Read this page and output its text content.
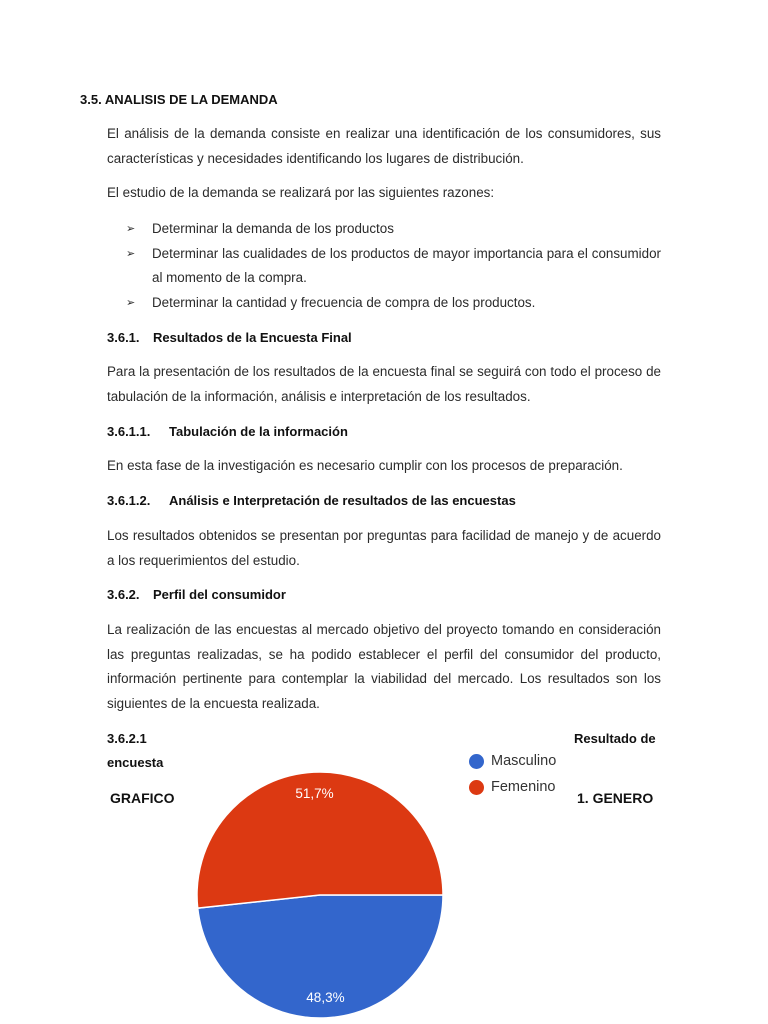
3.5. ANALISIS DE LA DEMANDA

El análisis de la demanda consiste en realizar una identificación de los consumidores, sus características y necesidades identificando los lugares de distribución.

El estudio de la demanda se realizará por las siguientes razones:

➢ Determinar la demanda de los productos
➢ Determinar las cualidades de los productos de mayor importancia para el consumidor al momento de la compra.
➢ Determinar la cantidad y frecuencia de compra de los productos.
3.6.1. Resultados de la Encuesta Final

Para la presentación de los resultados de la encuesta final se seguirá con todo el proceso de tabulación de la información, análisis e interpretación de los resultados.

3.6.1.1. Tabulación de la información

En esta fase de la investigación es necesario cumplir con los procesos de preparación.

3.6.1.2. Análisis e Interpretación de resultados de las encuestas

Los resultados obtenidos se presentan por preguntas para facilidad de manejo y de acuerdo a los requerimientos del estudio.

3.6.2. Perfil del consumidor

La realización de las encuestas al mercado objetivo del proyecto tomando en consideración las preguntas realizadas, se ha podido establecer el perfil del consumidor del producto, información pertinente para contemplar la viabilidad del mercado. Los resultados son los siguientes de la encuesta realizada.

3.6.2.1
encuesta
GRAFICO
Resultado de
1. GENERO
Masculino
Femenino
48,3%
51,7%
